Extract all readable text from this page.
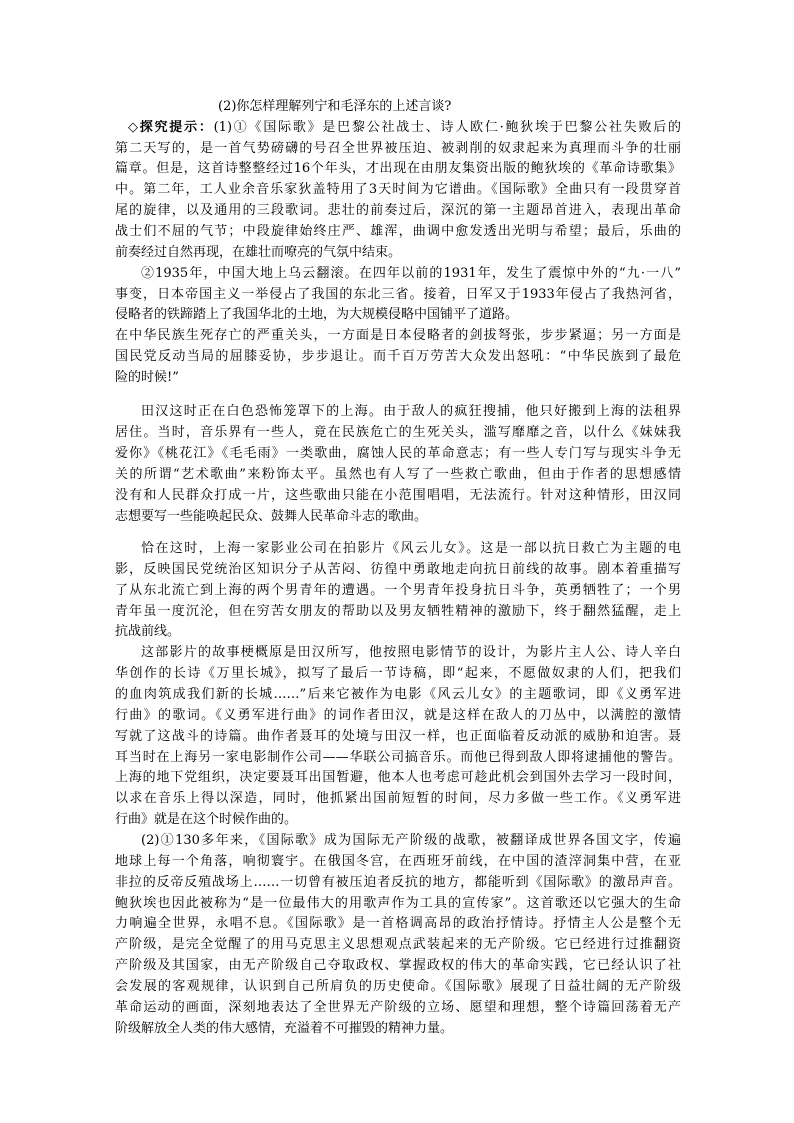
(2)你怎样理解列宁和毛泽东的上述言谈?
◇探究提示：(1)①《国际歌》是巴黎公社战士、诗人欧仁·鲍狄埃于巴黎公社失败后的
第二天写的，是一首气势磅礴的号召全世界被压迫、被剥削的奴隶起来为真理而斗争的壮丽
篇章。但是，这首诗整整经过16个年头，才出现在由朋友集资出版的鲍狄埃的《革命诗歌集》
中。第二年，工人业余音乐家狄盖特用了3天时间为它谱曲。《国际歌》全曲只有一段贯穿首
尾的旋律，以及通用的三段歌词。悲壮的前奏过后，深沉的第一主题昂首进入，表现出革命
战士们不屈的气节；中段旋律始终庄严、雄浑，曲调中愈发透出光明与希望；最后，乐曲的
前奏经过自然再现，在雄壮而嘹亮的气氛中结束。
②1935年，中国大地上乌云翻滚。在四年以前的1931年，发生了震惊中外的“九·一八”
事变，日本帝国主义一举侵占了我国的东北三省。接着，日军又于1933年侵占了我热河省，
侵略者的铁蹄踏上了我国华北的土地，为大规模侵略中国铺平了道路。
在中华民族生死存亡的严重关头，一方面是日本侵略者的剑拔弩张，步步紧逼；另一方面是
国民党反动当局的屈膝妥协，步步退让。而千百万劳苦大众发出怒吼：“中华民族到了最危
险的时候!”
田汉这时正在白色恐怖笼罩下的上海。由于敌人的疯狂搜捕，他只好搬到上海的法租界
居住。当时，音乐界有一些人，竟在民族危亡的生死关头，滥写靡靡之音，以什么《妹妹我
爱你》《桃花江》《毛毛雨》一类歌曲，腐蚀人民的革命意志；有一些人专门写与现实斗争无
关的所谓“艺术歌曲”来粉饰太平。虽然也有人写了一些救亡歌曲，但由于作者的思想感情
没有和人民群众打成一片，这些歌曲只能在小范围唱唱，无法流行。针对这种情形，田汉同
志想要写一些能唤起民众、鼓舞人民革命斗志的歌曲。
恰在这时，上海一家影业公司在拍影片《风云儿女》。这是一部以抗日救亡为主题的电
影，反映国民党统治区知识分子从苦闷、彷徨中勇敢地走向抗日前线的故事。剧本着重描写
了从东北流亡到上海的两个男青年的遭遇。一个男青年投身抗日斗争，英勇牺牲了；一个男
青年虽一度沉沦，但在穷苦女朋友的帮助以及男友牺牲精神的激励下，终于翻然猛醒，走上
抗战前线。
这部影片的故事梗概原是田汉所写，他按照电影情节的设计，为影片主人公、诗人辛白
华创作的长诗《万里长城》，拟写了最后一节诗稿，即“起来，不愿做奴隶的人们，把我们
的血肉筑成我们新的长城……”后来它被作为电影《风云儿女》的主题歌词，即《义勇军进
行曲》的歌词。《义勇军进行曲》的词作者田汉，就是这样在敌人的刀丛中，以满腔的激情
写就了这战斗的诗篇。曲作者聂耳的处境与田汉一样，也正面临着反动派的威胁和迫害。聂
耳当时在上海另一家电影制作公司——华联公司搞音乐。而他已得到敌人即将逮捕他的警告。
上海的地下党组织，决定要聂耳出国暂避，他本人也考虑可趁此机会到国外去学习一段时间，
以求在音乐上得以深造，同时，他抓紧出国前短暂的时间，尽力多做一些工作。《义勇军进
行曲》就是在这个时候作曲的。
(2)①130多年来，《国际歌》成为国际无产阶级的战歌，被翻译成世界各国文字，传遍
地球上每一个角落，响彻寰宇。在俄国冬宫，在西班牙前线，在中国的渣滓洞集中营，在亚
非拉的反帝反殖战场上……一切曾有被压迫者反抗的地方，都能听到《国际歌》的激昂声音。
鲍狄埃也因此被称为“是一位最伟大的用歌声作为工具的宣传家”。这首歌还以它强大的生命
力响遍全世界，永唱不息。《国际歌》是一首格调高昂的政治抒情诗。抒情主人公是整个无
产阶级，是完全觉醒了的用马克思主义思想观点武装起来的无产阶级。它已经进行过推翻资
产阶级及其国家，由无产阶级自己夺取政权、掌握政权的伟大的革命实践，它已经认识了社
会发展的客观规律，认识到自己所肩负的历史使命。《国际歌》展现了日益壮阔的无产阶级
革命运动的画面，深刻地表达了全世界无产阶级的立场、愿望和理想，整个诗篇回荡着无产
阶级解放全人类的伟大感情，充溢着不可摧毁的精神力量。
